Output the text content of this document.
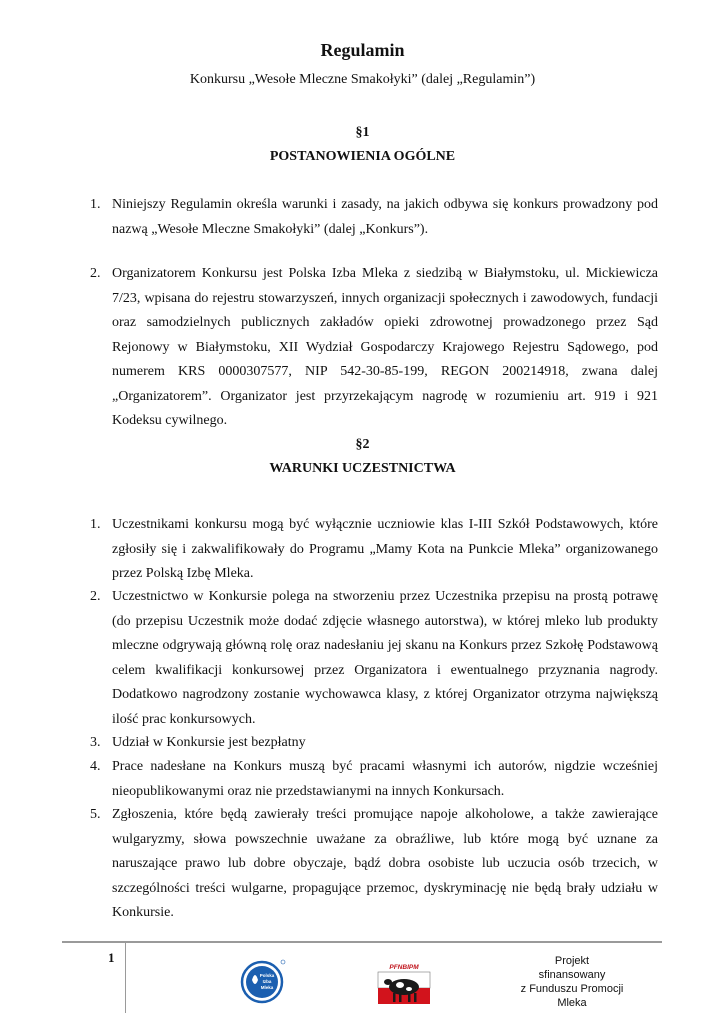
Regulamin
Konkursu „Wesołe Mleczne Smakołyki” (dalej „Regulamin”)
§1
POSTANOWIENIA OGÓLNE
1. Niniejszy Regulamin określa warunki i zasady, na jakich odbywa się konkurs prowadzony pod nazwą „Wesołe Mleczne Smakołyki” (dalej „Konkurs”).
2. Organizatorem Konkursu jest Polska Izba Mleka z siedzibą w Białymstoku, ul. Mickiewicza 7/23, wpisana do rejestru stowarzyszeń, innych organizacji społecznych i zawodowych, fundacji oraz samodzielnych publicznych zakładów opieki zdrowotnej prowadzonego przez Sąd Rejonowy w Białymstoku, XII Wydział Gospodarczy Krajowego Rejestru Sądowego, pod numerem KRS 0000307577, NIP 542-30-85-199, REGON 200214918, zwana dalej „Organizatorem”. Organizator jest przyrzekającym nagrodę w rozumieniu art. 919 i 921 Kodeksu cywilnego.
§2
WARUNKI UCZESTNICTWA
1. Uczestnikami konkursu mogą być wyłącznie uczniowie klas I-III Szkół Podstawowych, które zgłosiły się i zakwalifikowały do Programu „Mamy Kota na Punkcie Mleka” organizowanego przez Polską Izbę Mleka.
2. Uczestnictwo w Konkursie polega na stworzeniu przez Uczestnika przepisu na prostą potrawę (do przepisu Uczestnik może dodać zdjęcie własnego autorstwa), w której mleko lub produkty mleczne odgrywają główną rolę oraz nadesłaniu jej skanu na Konkurs przez Szkołę Podstawową celem kwalifikacji konkursowej przez Organizatora i ewentualnego przyznania nagrody. Dodatkowo nagrodzony zostanie wychowawca klasy, z której Organizator otrzyma największą ilość prac konkursowych.
3. Udział w Konkursie jest bezpłatny
4. Prace nadesłane na Konkurs muszą być pracami własnymi ich autorów, nigdzie wcześniej nieopublikowanymi oraz nie przedstawianymi na innych Konkursach.
5. Zgłoszenia, które będą zawierały treści promujące napoje alkoholowe, a także zawierające wulgaryzmy, słowa powszechnie uważane za obraźliwe, lub które mogą być uznane za naruszające prawo lub dobre obyczaje, bądź dobra osobiste lub uczucia osób trzecich, w szczególności treści wulgarne, propagujące przemoc, dyskryminację nie będą brały udziału w Konkursie.
1
Polska
Izba
Mleka
PFNBIPM
Projekt
sfinansowany
z Funduszu Promocji
Mleka
